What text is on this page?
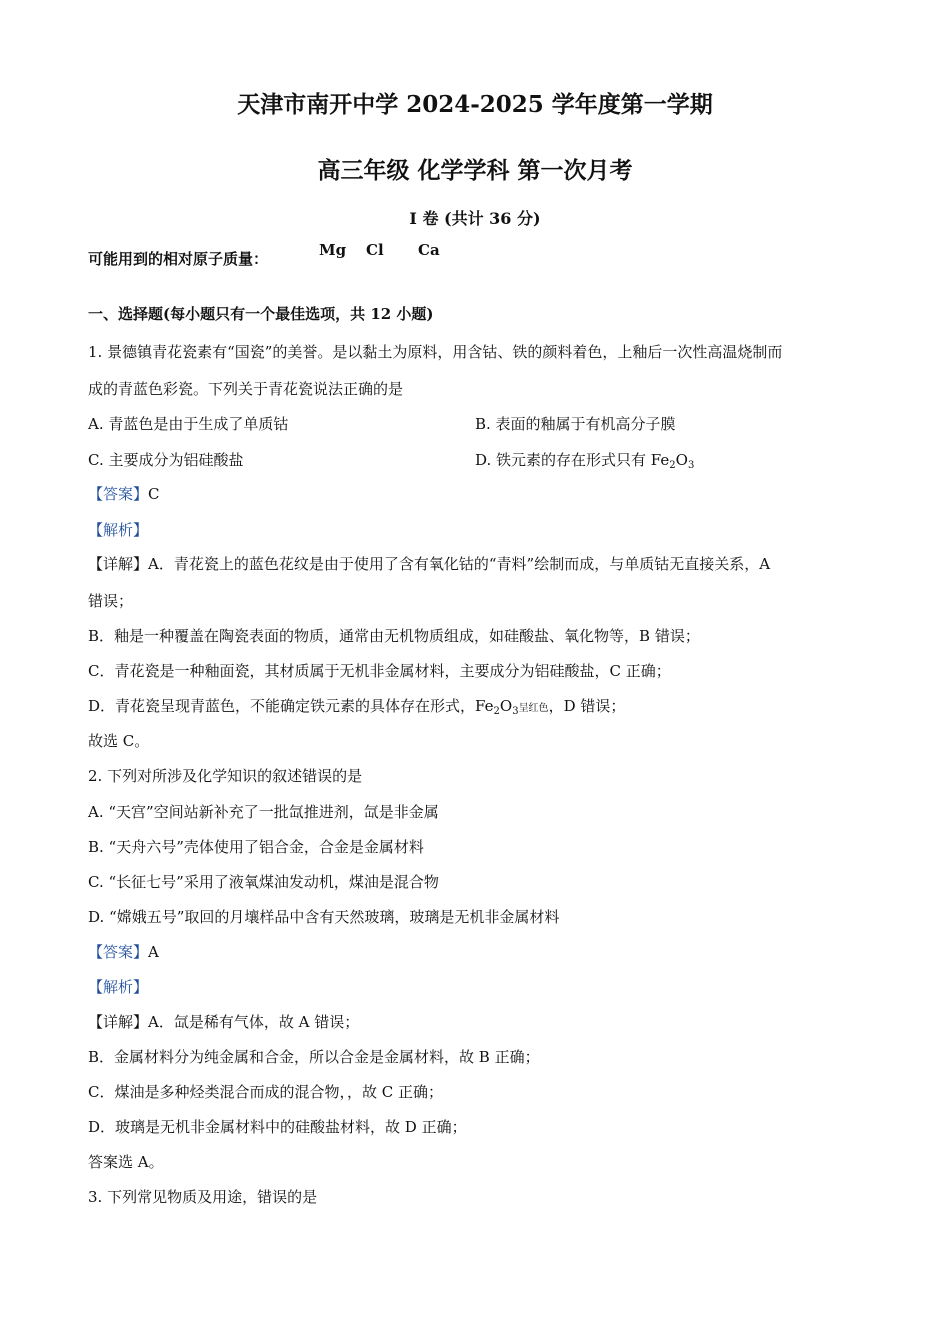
天津市南开中学 2024-2025 学年度第一学期
高三年级 化学学科 第一次月考
I 卷 (共计 36 分)
可能用到的相对原子质量：	Mg Cl Ca
一、选择题(每小题只有一个最佳选项，共 12 小题)
1. 景德镇青花瓷素有“国瓷”的美誉。是以黏土为原料，用含钴、铁的颜料着色，上釉后一次性高温烧制而
成的青蓝色彩瓷。下列关于青花瓷说法正确的是
A. 青蓝色是由于生成了单质钴	B. 表面的釉属于有机高分子膜
C. 主要成分为铝硅酸盐	D. 铁元素的存在形式只有 $Fe_2O_3$
【答案】C
【解析】
【详解】A．青花瓷上的蓝色花纹是由于使用了含有氧化钴的“青料”绘制而成，与单质钴无直接关系，A
错误；
B．釉是一种覆盖在陶瓷表面的物质，通常由无机物质组成，如硅酸盐、氧化物等，B 错误；
C．青花瓷是一种釉面瓷，其材质属于无机非金属材料，主要成分为铝硅酸盐，C 正确；
D．青花瓷呈现青蓝色，不能确定铁元素的具体存在形式，$Fe_2O_3$呈红色，D 错误；
故选 C。
2. 下列对所涉及化学知识的叙述错误的是
A. “天宫”空间站新补充了一批氙推进剂，氙是非金属
B. “天舟六号”壳体使用了铝合金，合金是金属材料
C. “长征七号”采用了液氧煤油发动机，煤油是混合物
D. “嫦娥五号”取回的月壤样品中含有天然玻璃，玻璃是无机非金属材料
【答案】A
【解析】
【详解】A．氙是稀有气体，故 A 错误；
B．金属材料分为纯金属和合金，所以合金是金属材料，故 B 正确；
C．煤油是多种烃类混合而成的混合物，，故 C 正确；
D．玻璃是无机非金属材料中的硅酸盐材料，故 D 正确；
答案选 A。
3. 下列常见物质及用途，错误的是
